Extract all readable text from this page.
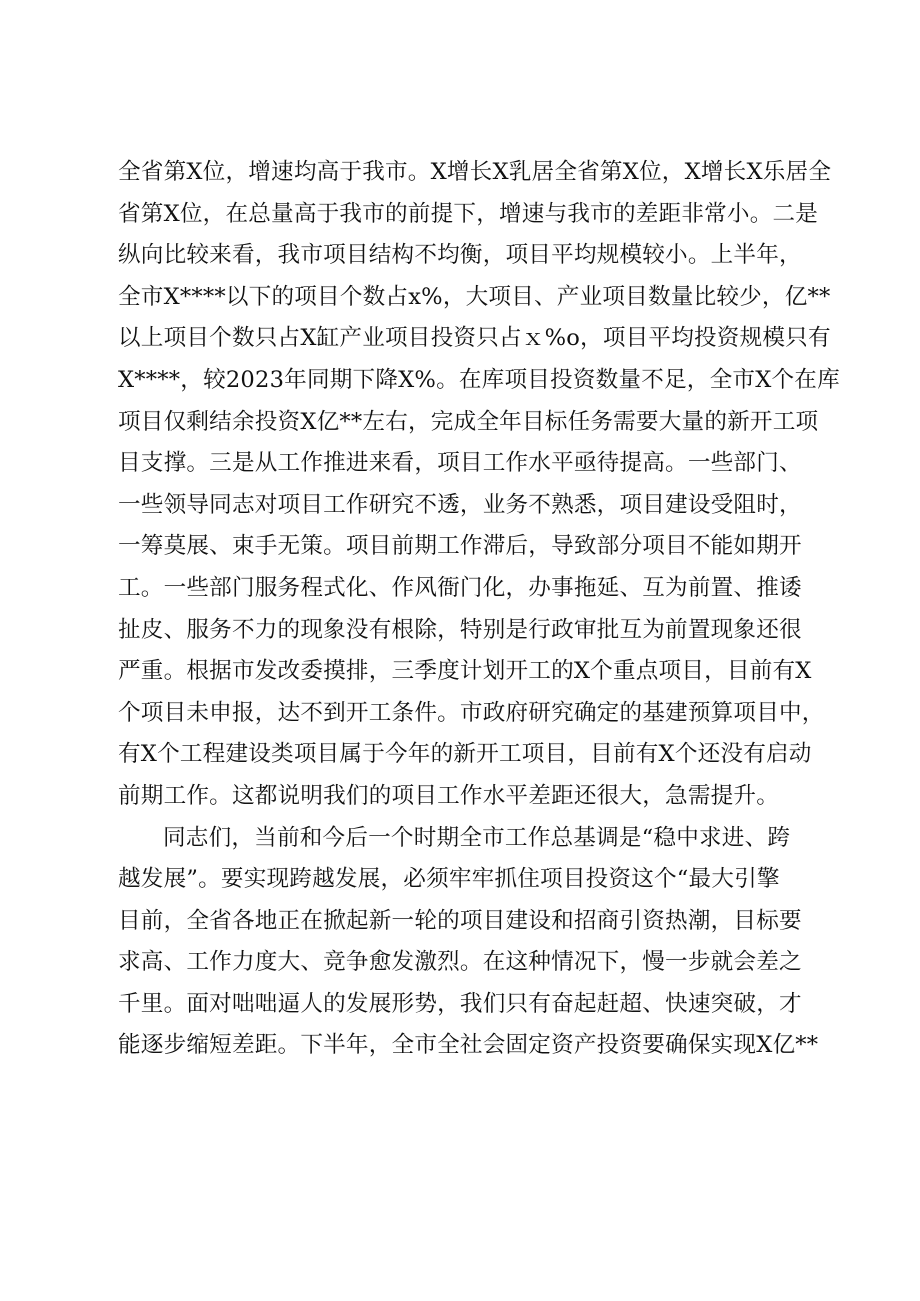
全省第X位，增速均高于我市。X增长X乳居全省第X位，X增长X乐居全
省第X位，在总量高于我市的前提下，增速与我市的差距非常小。二是
纵向比较来看，我市项目结构不均衡，项目平均规模较小。上半年，
全市X****以下的项目个数占x%，大项目、产业项目数量比较少，亿**
以上项目个数只占X缸产业项目投资只占ｘ%o，项目平均投资规模只有
X****，较2023年同期下降X%。在库项目投资数量不足，全市X个在库
项目仅剩结余投资X亿**左右，完成全年目标任务需要大量的新开工项
目支撑。三是从工作推进来看，项目工作水平亟待提高。一些部门、
一些领导同志对项目工作研究不透，业务不熟悉，项目建设受阻时，
一筹莫展、束手无策。项目前期工作滞后，导致部分项目不能如期开
工。一些部门服务程式化、作风衙门化，办事拖延、互为前置、推诿
扯皮、服务不力的现象没有根除，特别是行政审批互为前置现象还很
严重。根据市发改委摸排，三季度计划开工的X个重点项目，目前有X
个项目未申报，达不到开工条件。市政府研究确定的基建预算项目中，
有X个工程建设类项目属于今年的新开工项目，目前有X个还没有启动
前期工作。这都说明我们的项目工作水平差距还很大，急需提升。
同志们，当前和今后一个时期全市工作总基调是“稳中求进、跨
越发展”。要实现跨越发展，必须牢牢抓住项目投资这个“最大引擎
目前，全省各地正在掀起新一轮的项目建设和招商引资热潮，目标要
求高、工作力度大、竞争愈发激烈。在这种情况下，慢一步就会差之
千里。面对咄咄逼人的发展形势，我们只有奋起赶超、快速突破，才
能逐步缩短差距。下半年，全市全社会固定资产投资要确保实现X亿**
